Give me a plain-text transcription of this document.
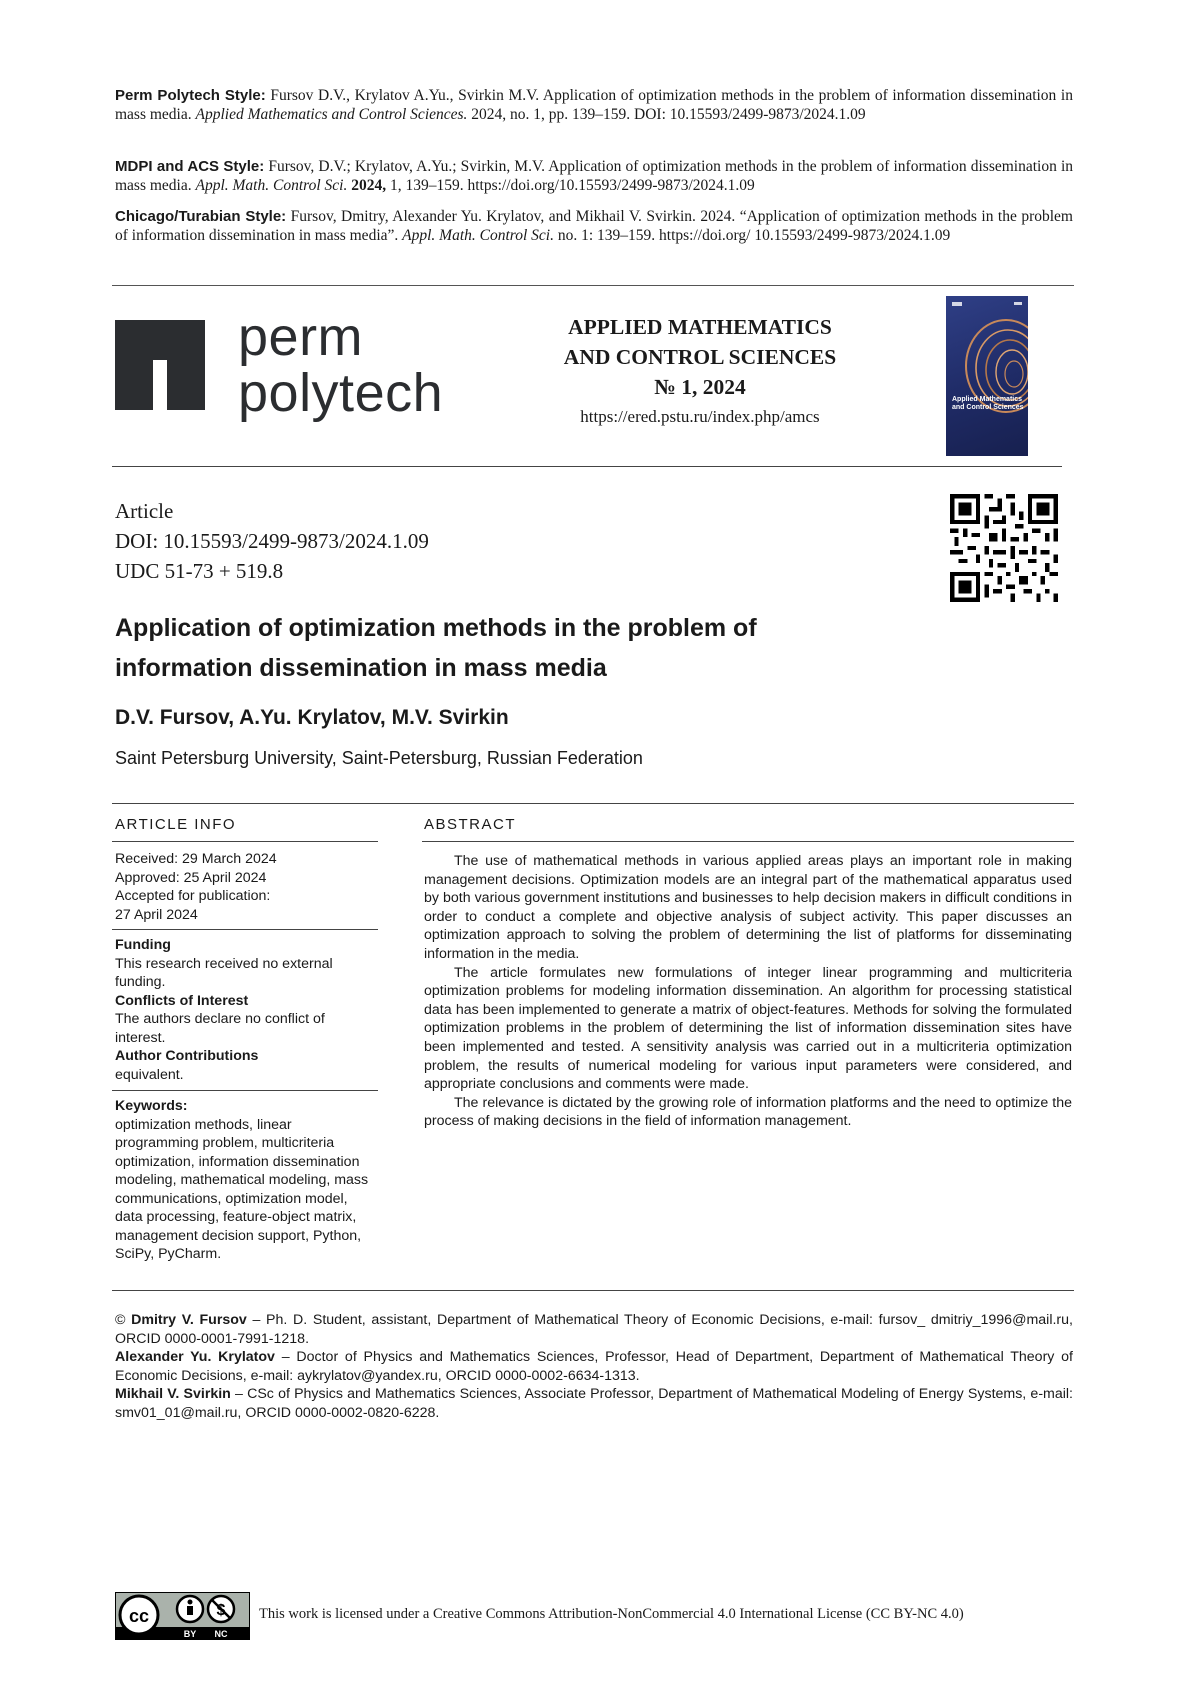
Perm Polytech Style: Fursov D.V., Krylatov A.Yu., Svirkin M.V. Application of optimization methods in the problem of information dissemination in mass media. Applied Mathematics and Control Sciences. 2024, no. 1, pp. 139–159. DOI: 10.15593/2499-9873/2024.1.09
MDPI and ACS Style: Fursov, D.V.; Krylatov, A.Yu.; Svirkin, M.V. Application of optimization methods in the problem of information dissemination in mass media. Appl. Math. Control Sci. 2024, 1, 139–159. https://doi.org/10.15593/2499-9873/2024.1.09
Chicago/Turabian Style: Fursov, Dmitry, Alexander Yu. Krylatov, and Mikhail V. Svirkin. 2024. “Application of optimization methods in the problem of information dissemination in mass media”. Appl. Math. Control Sci. no. 1: 139–159. https://doi.org/ 10.15593/2499-9873/2024.1.09
perm
polytech
APPLIED MATHEMATICS
AND CONTROL SCIENCES
№ 1, 2024
https://ered.pstu.ru/index.php/amcs
Applied Mathematics and Control Sciences
Article
DOI: 10.15593/2499-9873/2024.1.09
UDC 51-73 + 519.8
Application of optimization methods in the problem of information dissemination in mass media
D.V. Fursov, A.Yu. Krylatov, M.V. Svirkin
Saint Petersburg University, Saint-Petersburg, Russian Federation
ARTICLE INFO	ABSTRACT
Received: 29 March 2024
Approved: 25 April 2024
Accepted for publication:
27 April 2024
Funding
This research received no external funding.
Conflicts of Interest
The authors declare no conflict of interest.
Author Contributions
equivalent.
Keywords:
optimization methods, linear programming problem, multicriteria optimization, information dissemination modeling, mathematical modeling, mass communications, optimization model, data processing, feature-object matrix, management decision support, Python, SciPy, PyCharm.

The use of mathematical methods in various applied areas plays an important role in making management decisions. Optimization models are an integral part of the mathematical apparatus used by both various government institutions and businesses to help decision makers in difficult conditions in order to conduct a complete and objective analysis of subject activity. This paper discusses an optimization approach to solving the problem of determining the list of platforms for disseminating information in the media.

The article formulates new formulations of integer linear programming and multicriteria optimization problems for modeling information dissemination. An algorithm for processing statistical data has been implemented to generate a matrix of object-features. Methods for solving the formulated optimization problems in the problem of determining the list of information dissemination sites have been implemented and tested. A sensitivity analysis was carried out in a multicriteria optimization problem, the results of numerical modeling for various input parameters were considered, and appropriate conclusions and comments were made.

The relevance is dictated by the growing role of information platforms and the need to optimize the process of making decisions in the field of information management.

© Dmitry V. Fursov – Ph. D. Student, assistant, Department of Mathematical Theory of Economic Decisions, e-mail: fursov_ dmitriy_1996@mail.ru, ORCID 0000-0001-7991-1218.

Alexander Yu. Krylatov – Doctor of Physics and Mathematics Sciences, Professor, Head of Department, Department of Mathematical Theory of Economic Decisions, e-mail: aykrylatov@yandex.ru, ORCID 0000-0002-6634-1313.

Mikhail V. Svirkin – CSc of Physics and Mathematics Sciences, Associate Professor, Department of Mathematical Modeling of Energy Systems, e-mail: smv01_01@mail.ru, ORCID 0000-0002-0820-6228.

cc
BY NC
This work is licensed under a Creative Commons Attribution-NonCommercial 4.0 International License (CC BY-NC 4.0)
